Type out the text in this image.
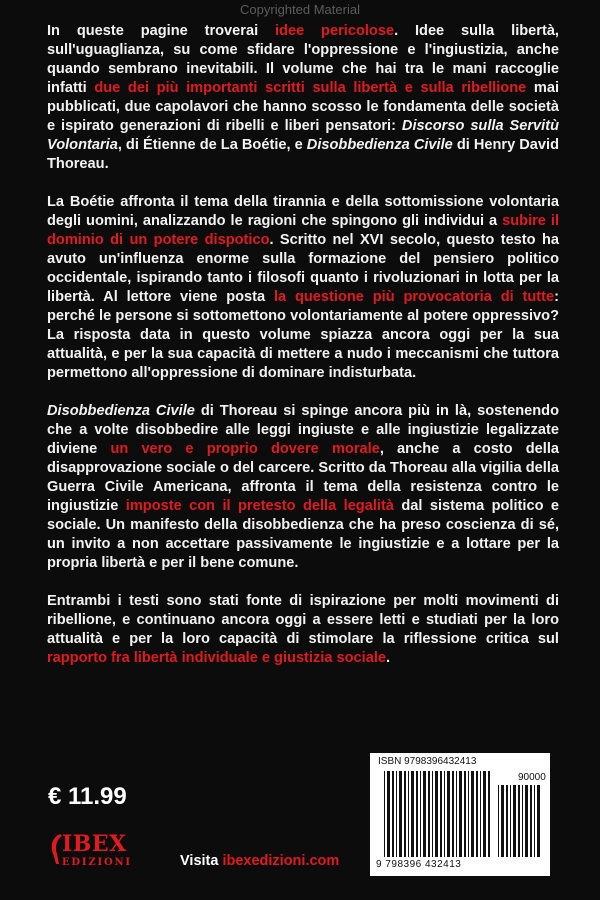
Copyrighted Material

In queste pagine troverai idee pericolose. Idee sulla libertà, sull'uguaglianza, su come sfidare l'oppressione e l'ingiustizia, anche quando sembrano inevitabili. Il volume che hai tra le mani raccoglie infatti due dei più importanti scritti sulla libertà e sulla ribellione mai pubblicati, due capolavori che hanno scosso le fondamenta delle società e ispirato generazioni di ribelli e liberi pensatori: Discorso sulla Servitù Volontaria, di Étienne de La Boétie, e Disobbedienza Civile di Henry David Thoreau.

La Boétie affronta il tema della tirannia e della sottomissione volontaria degli uomini, analizzando le ragioni che spingono gli individui a subire il dominio di un potere dispotico. Scritto nel XVI secolo, questo testo ha avuto un'influenza enorme sulla formazione del pensiero politico occidentale, ispirando tanto i filosofi quanto i rivoluzionari in lotta per la libertà. Al lettore viene posta la questione più provocatoria di tutte: perché le persone si sottomettono volontariamente al potere oppressivo? La risposta data in questo volume spiazza ancora oggi per la sua attualità, e per la sua capacità di mettere a nudo i meccanismi che tuttora permettono all'oppressione di dominare indisturbata.

Disobbedienza Civile di Thoreau si spinge ancora più in là, sostenendo che a volte disobbedire alle leggi ingiuste e alle ingiustizie legalizzate diviene un vero e proprio dovere morale, anche a costo della disapprovazione sociale o del carcere. Scritto da Thoreau alla vigilia della Guerra Civile Americana, affronta il tema della resistenza contro le ingiustizie imposte con il pretesto della legalità dal sistema politico e sociale. Un manifesto della disobbedienza che ha preso coscienza di sé, un invito a non accettare passivamente le ingiustizie e a lottare per la propria libertà e per il bene comune.

Entrambi i testi sono stati fonte di ispirazione per molti movimenti di ribellione, e continuano ancora oggi a essere letti e studiati per la loro attualità e per la loro capacità di stimolare la riflessione critica sul rapporto fra libertà individuale e giustizia sociale.

€ 11.99
IBEX
EDIZIONI	Visita ibexedizioni.com
ISBN 9798396432413
90000
9 798396 432413
